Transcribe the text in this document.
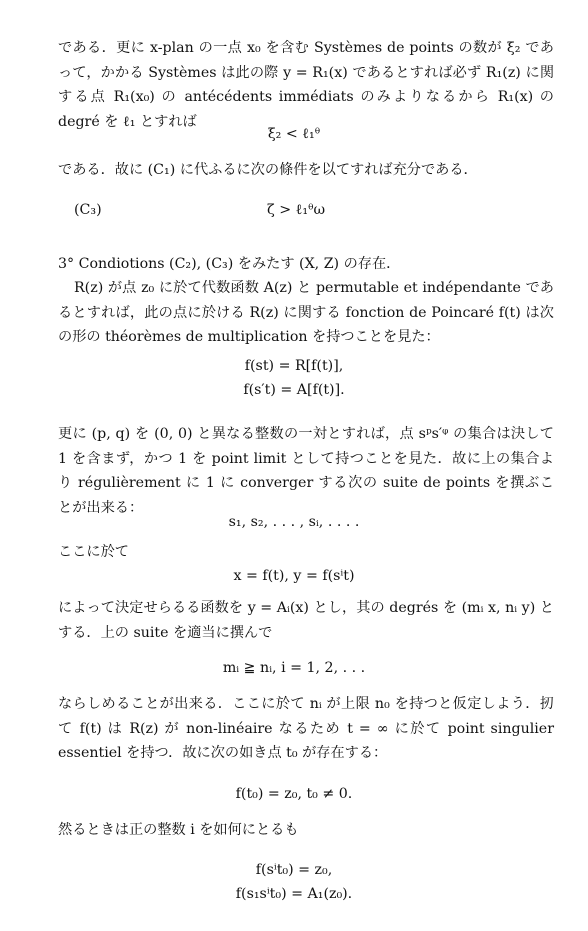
である．更に x-plan の一点 x₀ を含む Systèmes de points の数が ξ₂ であって，かかる Systèmes は此の際 y = R₁(x) であるとすれば必ず R₁(z) に関する点 R₁(x₀) の antécédents immédiats のみよりなるから R₁(x) の degré を ℓ₁ とすれば
ξ₂ < ℓ₁ᶿ
である．故に (C₁) に代ふるに次の條件を以てすれば充分である．
(C₃)	ζ > ℓ₁ᶿω
3° Condiotions (C₂), (C₃) をみたす (X, Z) の存在．
R(z) が点 z₀ に於て代数函数 A(z) と permutable et indépendante であるとすれば，此の点に於ける R(z) に関する fonction de Poincaré f(t) は次の形の théorèmes de multiplication を持つことを見た：
f(st) = R[f(t)],
f(s′t) = A[f(t)].
更に (p, q) を (0, 0) と異なる整数の一対とすれば，点 sᵖs′ᵠ の集合は決して 1 を含まず，かつ 1 を point limit として持つことを見た．故に上の集合より régulièrement に 1 に converger する次の suite de points を撰ぶことが出来る：
s₁, s₂, . . . , sᵢ, . . . .
ここに於て
x = f(t), y = f(sⁱt)
によって決定せらるる函数を y = Aᵢ(x) とし，其の degrés を (mᵢ x, nᵢ y) とする．上の suite を適当に撰んで
mᵢ ≧ nᵢ, i = 1, 2, . . .
ならしめることが出来る．ここに於て nᵢ が上限 n₀ を持つと仮定しよう．扨て f(t) は R(z) が non-linéaire なるため t = ∞ に於て point singulier essentiel を持つ．故に次の如き点 t₀ が存在する：
f(t₀) = z₀, t₀ ≠ 0.
然るときは正の整数 i を如何にとるも
f(sⁱt₀) = z₀,
f(s₁sⁱt₀) = A₁(z₀).
